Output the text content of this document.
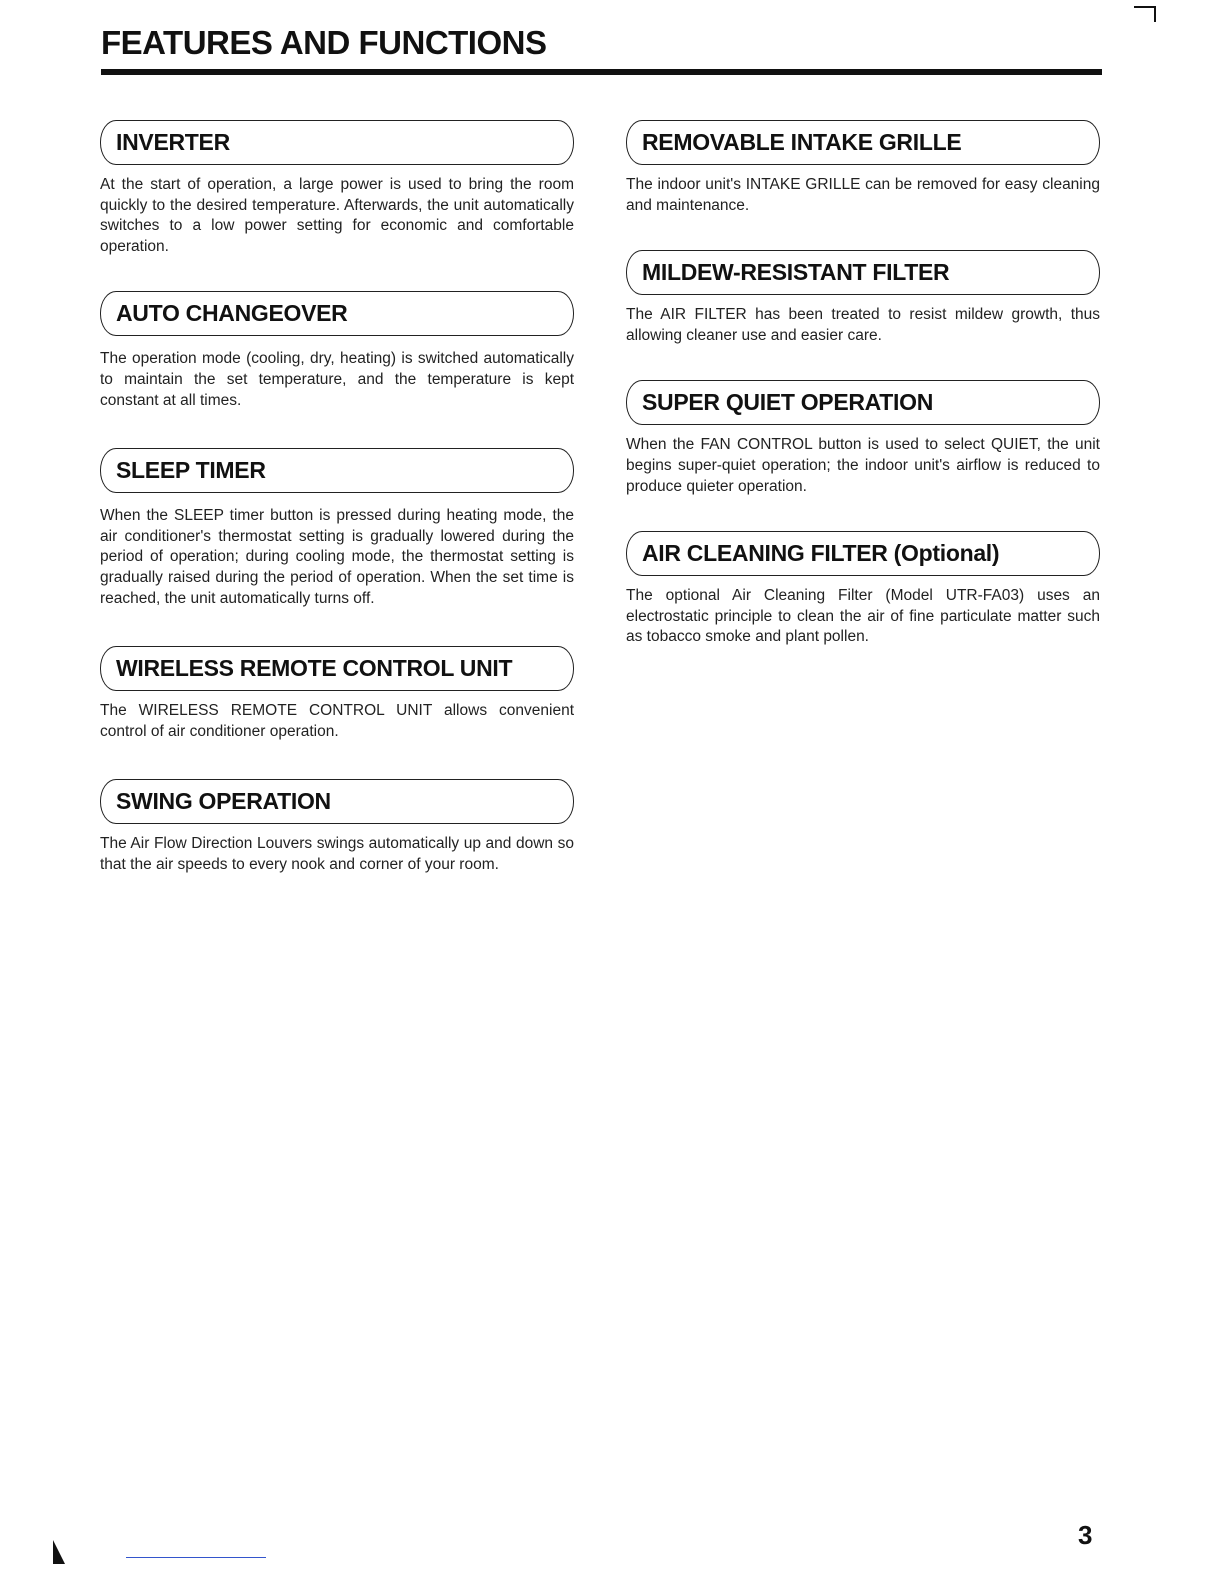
FEATURES AND FUNCTIONS
INVERTER

At the start of operation, a large power is used to bring the room quickly to the desired temperature. Afterwards, the unit automatically switches to a low power setting for economic and comfortable operation.

AUTO CHANGEOVER

The operation mode (cooling, dry, heating) is switched automatically to maintain the set temperature, and the temperature is kept constant at all times.

SLEEP TIMER

When the SLEEP timer button is pressed during heating mode, the air conditioner's thermostat setting is gradually lowered during the period of operation; during cooling mode, the thermostat setting is gradually raised during the period of operation. When the set time is reached, the unit automatically turns off.

WIRELESS REMOTE CONTROL UNIT

The WIRELESS REMOTE CONTROL UNIT allows convenient control of air conditioner operation.

SWING OPERATION

The Air Flow Direction Louvers swings automatically up and down so that the air speeds to every nook and corner of your room.

REMOVABLE INTAKE GRILLE

The indoor unit's INTAKE GRILLE can be removed for easy cleaning and maintenance.

MILDEW-RESISTANT FILTER

The AIR FILTER has been treated to resist mildew growth, thus allowing cleaner use and easier care.

SUPER QUIET OPERATION

When the FAN CONTROL button is used to select QUIET, the unit begins super-quiet operation; the indoor unit's airflow is reduced to produce quieter operation.

AIR CLEANING FILTER (Optional)

The optional Air Cleaning Filter (Model UTR-FA03) uses an electrostatic principle to clean the air of fine particulate matter such as tobacco smoke and plant pollen.

3
